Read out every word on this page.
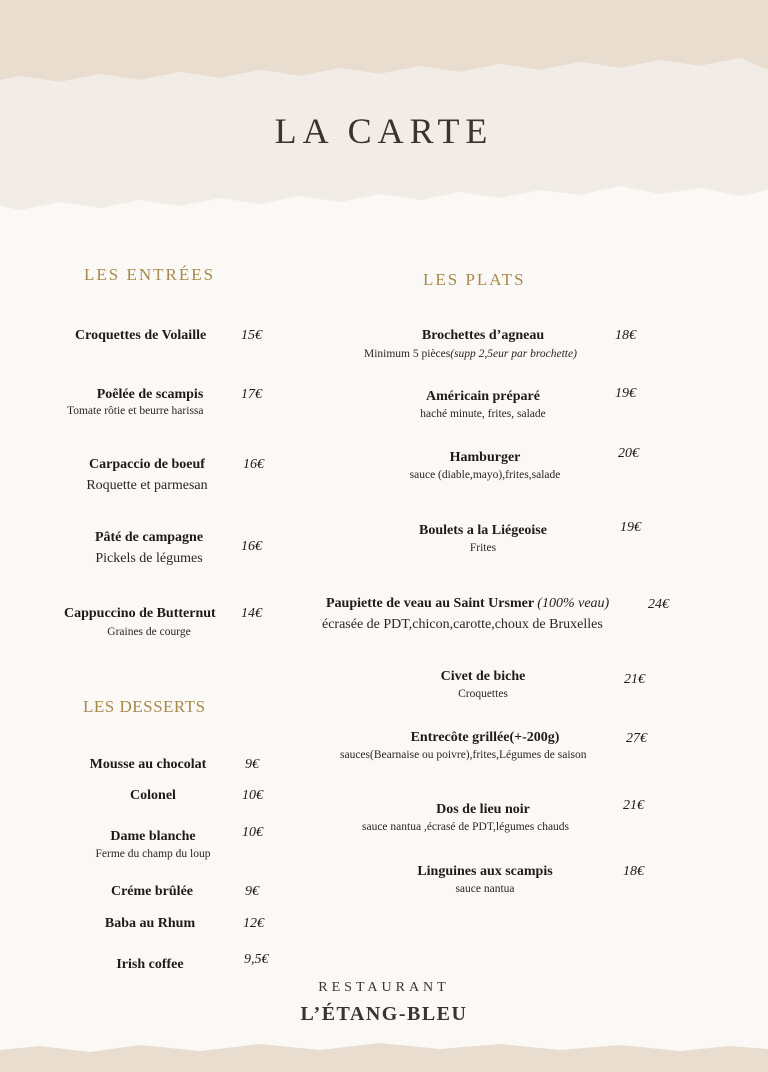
LA CARTE
LES ENTRÉES
Croquettes de Volaille 15€
Poêlée de scampis
Tomate rôtie et beurre harissa
17€
Carpaccio de boeuf
Roquette et parmesan
16€
Pâté de campagne
Pickels de légumes
16€
Cappuccino de Butternut
Graines de courge
14€
LES DESSERTS
Mousse au chocolat	9€
Colonel	10€
Dame blanche
Ferme du champ du loup
10€
Créme brûlée	9€
Baba au Rhum	12€
Irish coffee	9,5€
LES PLATS
Brochettes d’agneau
Minimum 5 pièces(supp 2,5eur par brochette)
18€
Américain préparé
haché minute, frites, salade
19€
Hamburger
sauce (diable,mayo),frites,salade
20€
Boulets a la Liégeoise
Frites
19€
Paupiette de veau au Saint Ursmer (100% veau)
écrasée de PDT,chicon,carotte,choux de Bruxelles
24€
Civet de biche
Croquettes
21€
Entrecôte grillée(+-200g)
sauces(Bearnaise ou poivre),frites,Légumes de saison
27€
Dos de lieu noir
sauce nantua ,écrasé de PDT,légumes chauds
21€
Linguines aux scampis
sauce nantua
18€
RESTAURANT
L’ÉTANG-BLEU
